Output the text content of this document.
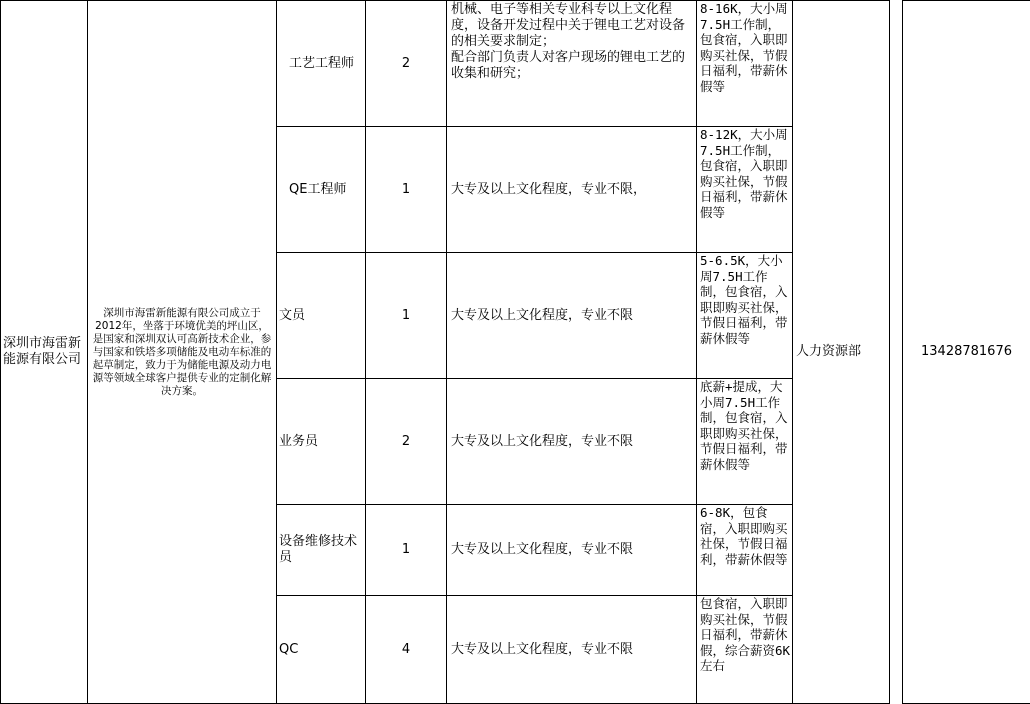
深圳市海雷新能源有限公司	深圳市海雷新能源有限公司成立于2012年，坐落于环境优美的坪山区，是国家和深圳双认可高新技术企业，参与国家和铁塔多项储能及电动车标准的起草制定，致力于为储能电源及动力电源等领域全球客户提供专业的定制化解决方案。	工艺工程师	2	机械、电子等相关专业科专以上文化程度，设备开发过程中关于锂电工艺对设备的相关要求制定；
配合部门负责人对客户现场的锂电工艺的收集和研究；	8-16K，大小周7.5H工作制，包食宿，入职即购买社保，节假日福利，带薪休假等	人力资源部		13428781676
		QE工程师	1	大专及以上文化程度，专业不限，	8-12K，大小周7.5H工作制，包食宿，入职即购买社保，节假日福利，带薪休假等			
		文员	1	大专及以上文化程度，专业不限	5-6.5K，大小周7.5H工作制，包食宿，入职即购买社保，节假日福利，带薪休假等			
		业务员	2	大专及以上文化程度，专业不限	底薪+提成，大小周7.5H工作制，包食宿，入职即购买社保，节假日福利，带薪休假等			
		设备维修技术员	1	大专及以上文化程度，专业不限	6-8K，包食宿，入职即购买社保，节假日福利，带薪休假等			
		QC	4	大专及以上文化程度，专业不限	包食宿，入职即购买社保，节假日福利，带薪休假，综合薪资6K左右			
